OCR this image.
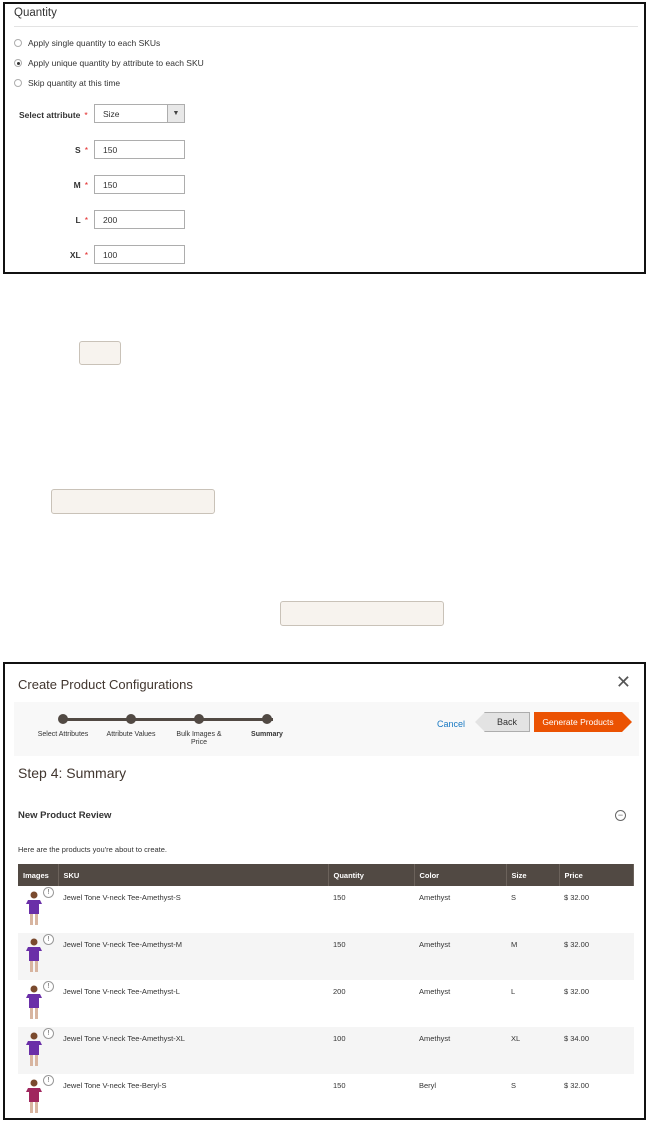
Quantity
Apply single quantity to each SKUs
Apply unique quantity by attribute to each SKU
Skip quantity at this time
Select attribute *	Size	▼
S *	150
M *	150
L *	200
XL *	100
Create Product Configurations	✕
Select Attributes	Attribute Values	Bulk Images & Price
Summary
Cancel	Back	Generate Products
Step 4: Summary
New Product Review	−
Here are the products you're about to create.
Images	SKU	Quantity	Color	Size	Price

!	Jewel Tone V-neck Tee-Amethyst-S	150	Amethyst	S	$ 32.00

!	Jewel Tone V-neck Tee-Amethyst-M	150	Amethyst	M	$ 32.00

!	Jewel Tone V-neck Tee-Amethyst-L	200	Amethyst	L	$ 32.00

!	Jewel Tone V-neck Tee-Amethyst-XL	100	Amethyst	XL	$ 34.00

!	Jewel Tone V-neck Tee-Beryl-S	150	Beryl	S	$ 32.00
